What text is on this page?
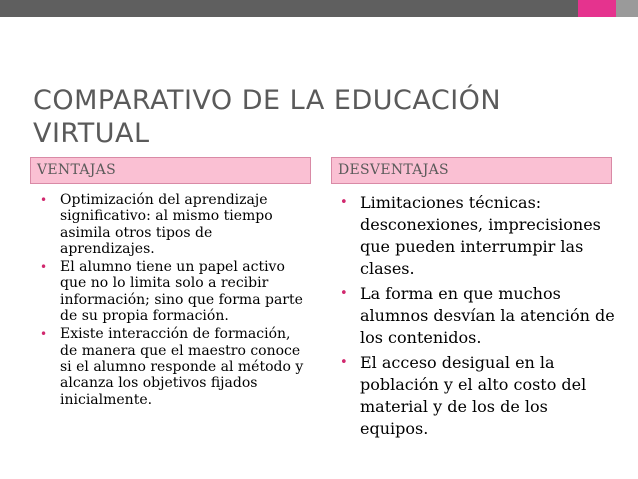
COMPARATIVO DE LA EDUCACIÓN VIRTUAL
VENTAJAS	DESVENTAJAS
• Optimización del aprendizaje significativo: al mismo tiempo asimila otros tipos de aprendizajes.
• El alumno tiene un papel activo que no lo limita solo a recibir información; sino que forma parte de su propia formación.
• Existe interacción de formación, de manera que el maestro conoce si el alumno responde al método y alcanza los objetivos fijados inicialmente.
• Limitaciones técnicas: desconexiones, imprecisiones que pueden interrumpir las clases.
• La forma en que muchos alumnos desvían la atención de los contenidos.
• El acceso desigual en la población y el alto costo del material y de los de los equipos.
